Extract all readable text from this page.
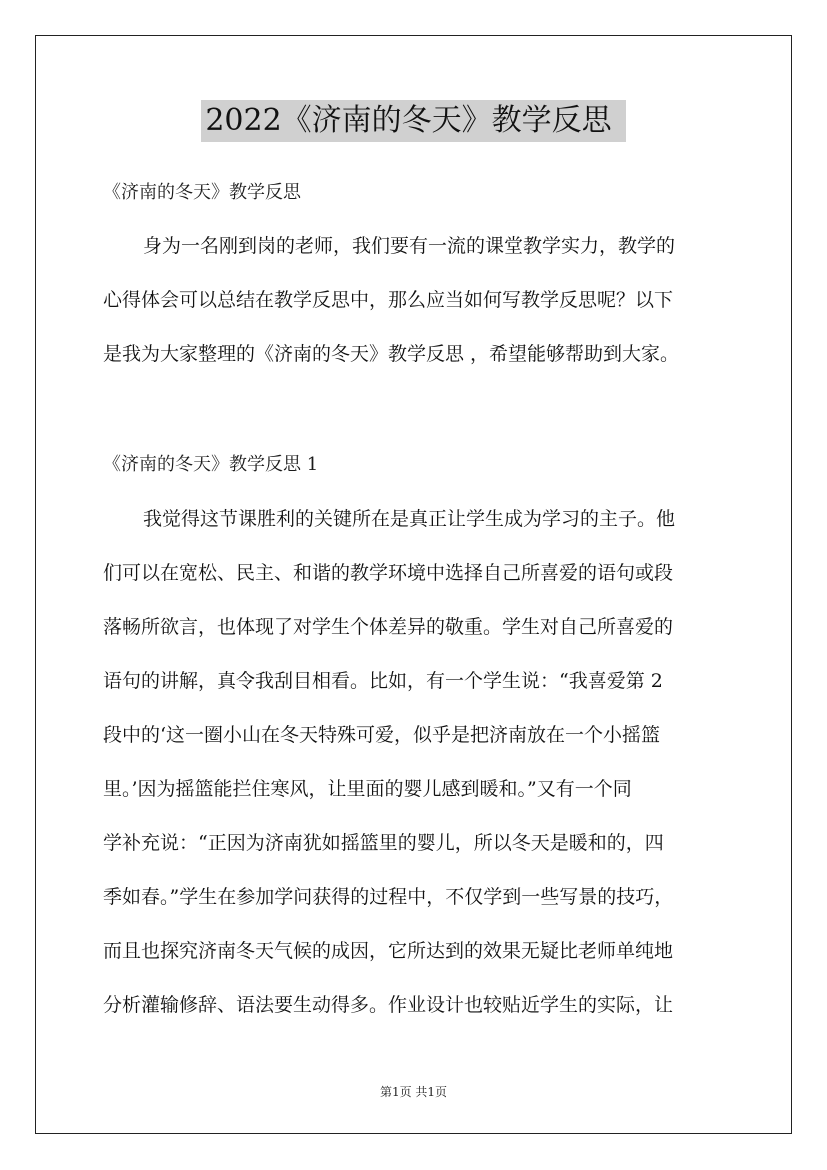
2022《济南的冬天》教学反思
《济南的冬天》教学反思
身为一名刚到岗的老师，我们要有一流的课堂教学实力，教学的
心得体会可以总结在教学反思中，那么应当如何写教学反思呢？以下
是我为大家整理的《济南的冬天》教学反思 ，希望能够帮助到大家。
《济南的冬天》教学反思 1
我觉得这节课胜利的关键所在是真正让学生成为学习的主子。他
们可以在宽松、民主、和谐的教学环境中选择自己所喜爱的语句或段
落畅所欲言，也体现了对学生个体差异的敬重。学生对自己所喜爱的
语句的讲解，真令我刮目相看。比如，有一个学生说：“我喜爱第 2
段中的‘这一圈小山在冬天特殊可爱，似乎是把济南放在一个小摇篮
里。’因为摇篮能拦住寒风，让里面的婴儿感到暖和。”又有一个同
学补充说：“正因为济南犹如摇篮里的婴儿，所以冬天是暖和的，四
季如春。”学生在参加学问获得的过程中，不仅学到一些写景的技巧，
而且也探究济南冬天气候的成因，它所达到的效果无疑比老师单纯地
分析灌输修辞、语法要生动得多。作业设计也较贴近学生的实际，让
第1页 共1页
